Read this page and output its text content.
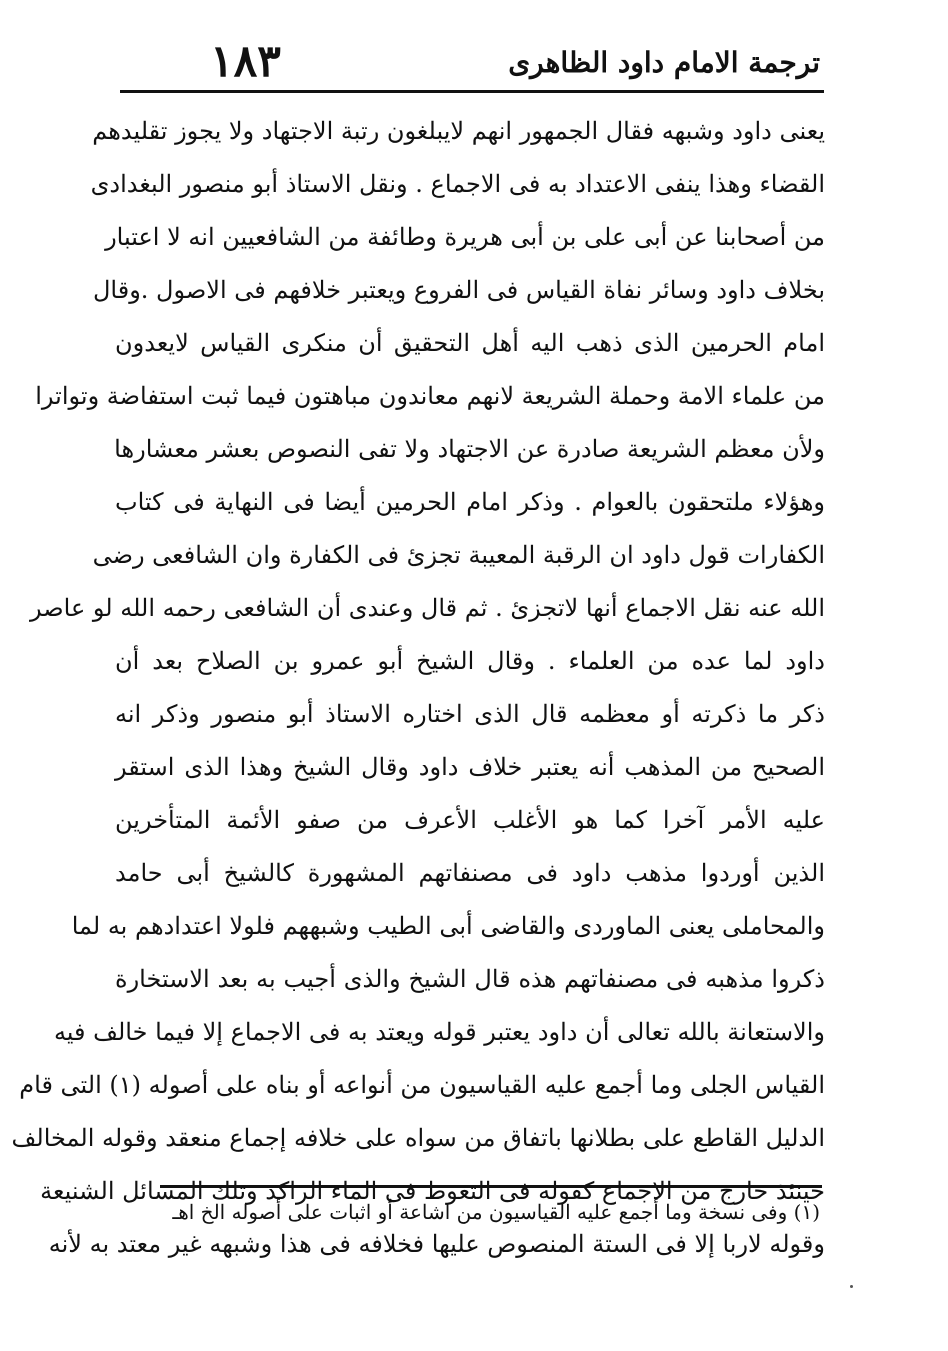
١٨٣	ترجمة الامام داود الظاهرى
يعنى داود وشبهه فقال الجمهور انهم لايبلغون رتبة الاجتهاد ولا يجوز تقليدهم
القضاء وهذا ينفى الاعتداد به فى الاجماع . ونقل الاستاذ أبو منصور البغدادى
من أصحابنا عن أبى على بن أبى هريرة وطائفة من الشافعيين انه لا اعتبار
بخلاف داود وسائر نفاة القياس فى الفروع ويعتبر خلافهم فى الاصول .وقال
امام الحرمين الذى ذهب اليه أهل التحقيق أن منكرى القياس لايعدون
من علماء الامة وحملة الشريعة لانهم معاندون مباهتون فيما ثبت استفاضة وتواترا
ولأن معظم الشريعة صادرة عن الاجتهاد ولا تفى النصوص بعشر معشارها
وهؤلاء ملتحقون بالعوام . وذكر امام الحرمين أيضا فى النهاية فى كتاب
الكفارات قول داود ان الرقبة المعيبة تجزئ فى الكفارة وان الشافعى رضى
الله عنه نقل الاجماع أنها لاتجزئ . ثم قال وعندى أن الشافعى رحمه الله لو عاصر
داود لما عده من العلماء . وقال الشيخ أبو عمرو بن الصلاح بعد أن
ذكر ما ذكرته أو معظمه قال الذى اختاره الاستاذ أبو منصور وذكر انه
الصحيح من المذهب أنه يعتبر خلاف داود وقال الشيخ وهذا الذى استقر
عليه الأمر آخرا كما هو الأغلب الأعرف من صفو الأئمة المتأخرين
الذين أوردوا مذهب داود فى مصنفاتهم المشهورة كالشيخ أبى حامد
والمحاملى يعنى الماوردى والقاضى أبى الطيب وشبههم فلولا اعتدادهم به لما
ذكروا مذهبه فى مصنفاتهم هذه قال الشيخ والذى أجيب به بعد الاستخارة
والاستعانة بالله تعالى أن داود يعتبر قوله ويعتد به فى الاجماع إلا فيما خالف فيه
القياس الجلى وما أجمع عليه القياسيون من أنواعه أو بناه على أصوله (١) التى قام
الدليل القاطع على بطلانها باتفاق من سواه على خلافه إجماع منعقد وقوله المخالف
حينئذ خارج من الاجماع كقوله فى التغوط فى الماء الراكد وتلك المسائل الشنيعة
وقوله لاربا إلا فى الستة المنصوص عليها فخلافه فى هذا وشبهه غير معتد به لأنه
(١) وفى نسخة وما أجمع عليه القياسيون من اشاعة أو اثبات على أصوله الخ اهـ
